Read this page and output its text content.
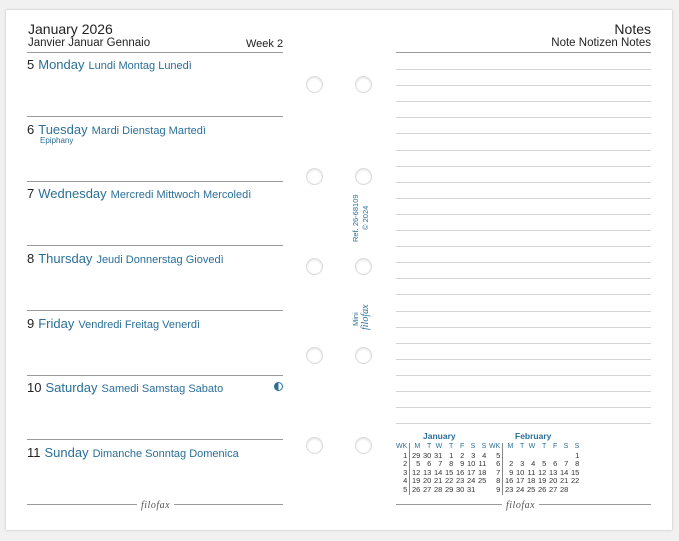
January 2026
Janvier Januar Gennaio	Week 2
5 Monday Lundi Montag Lunedì
6 Tuesday Mardi Dienstag Martedì
Epiphany
7 Wednesday Mercredi Mittwoch Mercoledì
8 Thursday Jeudi Donnerstag Giovedì
9 Friday Vendredi Freitag Venerdì
10 Saturday Samedi Samstag Sabato
11 Sunday Dimanche Sonntag Domenica
filofax
Ref. 26-68109 © 2024
Mini filofax
Notes
Note Notizen Notes
January
WK	M	T	W	T	F	S	S
1	29	30	31	1	2	3	4
2	5	6	7	8	9	10	11
3	12	13	14	15	16	17	18
4	19	20	21	22	23	24	25
5	26	27	28	29	30	31	
February
WK	M	T	W	T	F	S	S
5							1
6	2	3	4	5	6	7	8
7	9	10	11	12	13	14	15
8	16	17	18	19	20	21	22
9	23	24	25	26	27	28	
filofax
